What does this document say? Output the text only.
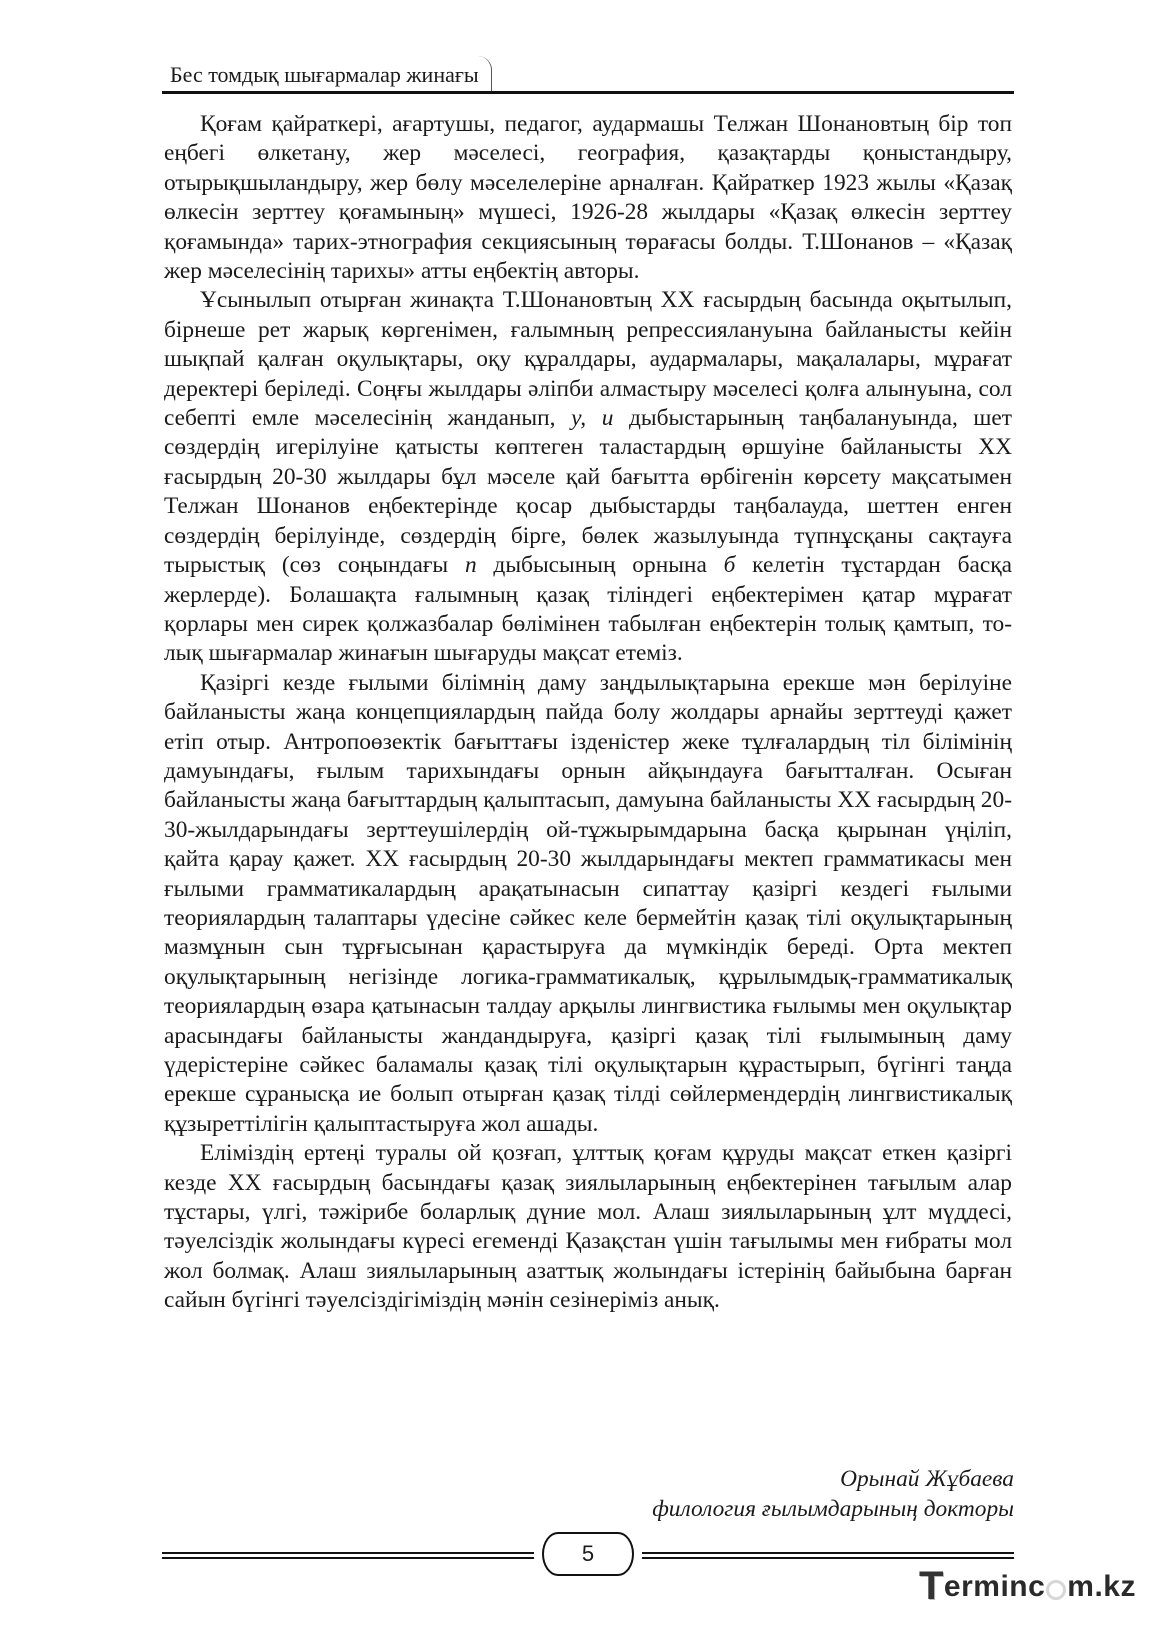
Бес томдық шығармалар жинағы

Қоғам қайраткері, ағартушы, педагог, аудармашы Телжан Шонановтың бір топ еңбегі өлкетану, жер мәселесі, география, қазақтарды қоныстандыру, отырықшыландыру, жер бөлу мәселелеріне арналған. Қайраткер 1923 жылы «Қазақ өлкесін зерттеу қоғамының» мүшесі, 1926-28 жылдары «Қазақ өлкесін зерттеу қоғамында» тарих-этнография секциясының төрағасы болды. Т.Шонанов – «Қазақ жер мәселесінің тарихы» атты еңбектің авторы.

Ұсынылып отырған жинақта Т.Шонановтың ХХ ғасырдың басында оқытылып, бірнеше рет жарық көргенімен, ғалымның репрессиялануына байланысты кейін шықпай қалған оқулықтары, оқу құралдары, аудармалары, мақалалары, мұрағат деректері беріледі. Соңғы жылдары әліпби алмастыру мәселесі қолға алынуына, сол себепті емле мәселесінің жанданып, у, и дыбыстарының таңбалануында, шет сөздердің игерілуіне қатысты көптеген таластардың өршуіне байланысты ХХ ғасырдың 20-30 жылдары бұл мәселе қай бағытта өрбігенін көрсету мақсатымен Телжан Шонанов еңбектерінде қосар дыбыстарды таңбалауда, шеттен енген сөздердің берілуінде, сөздердің бірге, бөлек жазылуында түпнұсқаны сақтауға тырыстық (сөз соңындағы п дыбысының орнына б келетін тұстардан басқа жерлерде). Болашақта ғалымның қазақ тіліндегі еңбектерімен қатар мұрағат қорлары мен сирек қолжазбалар бөлімінен табылған еңбектерін толық қамтып, толық шығармалар жинағын шығаруды мақсат етеміз.

Қазіргі кезде ғылыми білімнің даму заңдылықтарына ерекше мән берілуіне байланысты жаңа концепциялардың пайда болу жолдары арнайы зерттеуді қажет етіп отыр. Антропоөзектік бағыттағы ізденістер жеке тұлғалардың тіл білімінің дамуындағы, ғылым тарихындағы орнын айқындауға бағытталған. Осыған байланысты жаңа бағыттардың қалыптасып, дамуына байланысты ХХ ғасырдың 20-30-жылдарындағы зерттеушілердің ой-тұжырымдарына басқа қырынан үңіліп, қайта қарау қажет. ХХ ғасырдың 20-30 жылдарындағы мектеп грамматикасы мен ғылыми грамматикалардың арақатынасын сипаттау қазіргі кездегі ғылыми теориялардың талаптары үдесіне сәйкес келе бермейтін қазақ тілі оқулықтарының мазмұнын сын тұрғысынан қарастыруға да мүмкіндік береді. Орта мектеп оқулықтарының негізінде логика-грамматикалық, құрылымдық-грамматикалық теориялардың өзара қатынасын талдау арқылы лингвистика ғылымы мен оқулықтар арасындағы байланысты жандандыруға, қазіргі қазақ тілі ғылымының даму үдерістеріне сәйкес баламалы қазақ тілі оқулықтарын құрастырып, бүгінгі таңда ерекше сұранысқа ие болып отырған қазақ тілді сөйлермендердің лингвистикалық құзыреттілігін қалыптастыруға жол ашады.

Еліміздің ертеңі туралы ой қозғап, ұлттық қоғам құруды мақсат еткен қазіргі кезде ХХ ғасырдың басындағы қазақ зиялыларының еңбектерінен тағылым алар тұстары, үлгі, тәжірибе боларлық дүние мол. Алаш зиялыларының ұлт мүддесі, тәуелсіздік жолындағы күресі егеменді Қазақстан үшін тағылымы мен ғибраты мол жол болмақ. Алаш зиялыларының азаттық жолындағы істерінің байыбына барған сайын бүгінгі тәуелсіздігіміздің мәнін сезінеріміз анық.

Орынай Жұбаева
филология ғылымдарының докторы
5
T erminc m.kz
